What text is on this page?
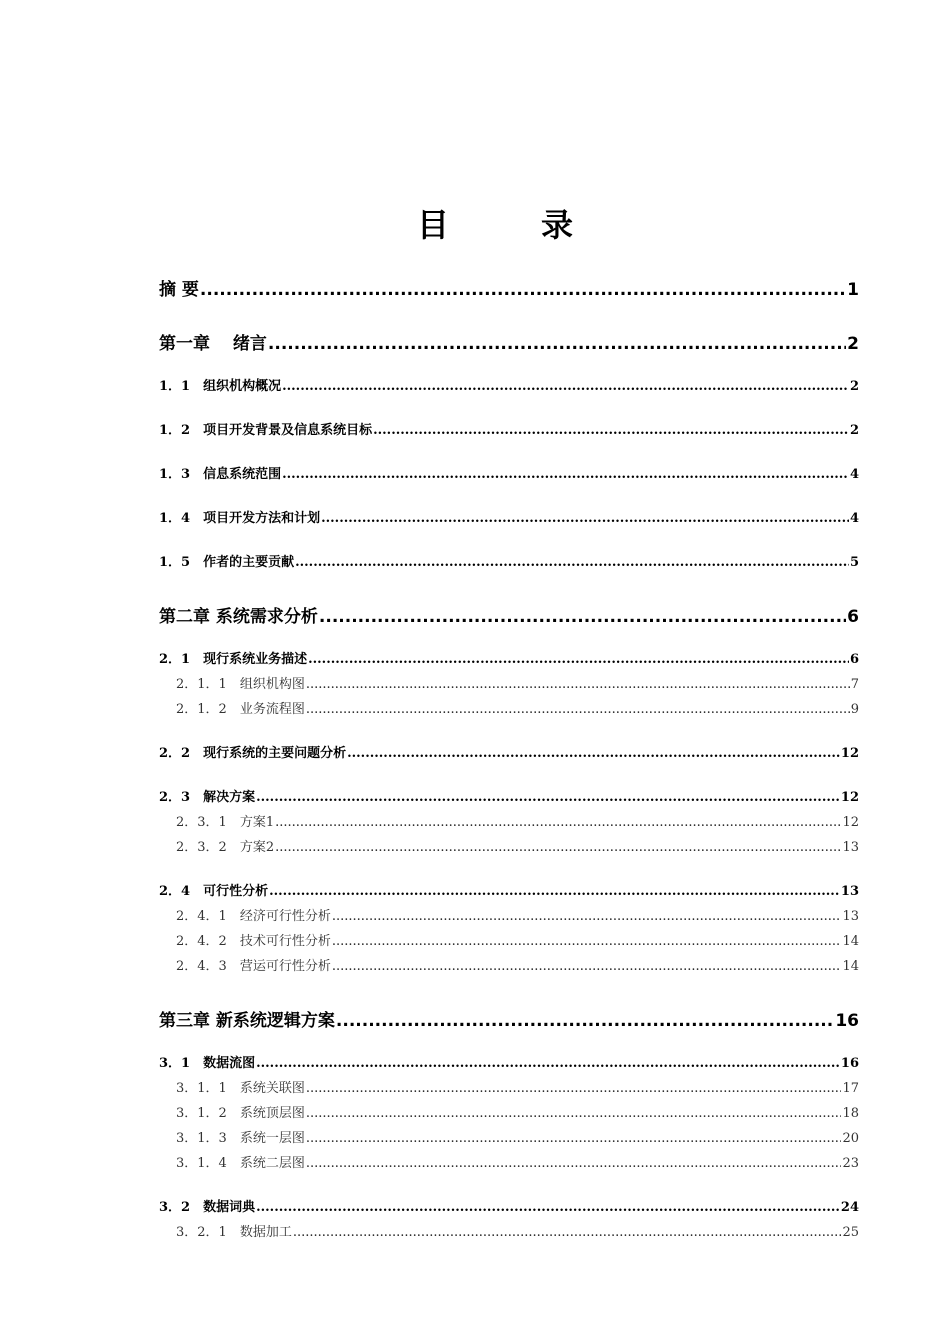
目　录
摘 要 .....	1
第一章　 绪言 .....	2
1．1　组织机构概况 .....	2
1．2　项目开发背景及信息系统目标 .....	2
1．3　信息系统范围 .....	4
1．4　项目开发方法和计划 .....	4
1．5　作者的主要贡献 .....	5
第二章 系统需求分析 .....	6
2．1　现行系统业务描述 .....	6
2．1．1　组织机构图 .....	7
2．1．2　业务流程图 .....	9
2．2　现行系统的主要问题分析 .....	12
2．3　解决方案 .....	12
2．3．1　方案1 .....	12
2．3．2　方案2 .....	13
2．4　可行性分析 .....	13
2．4．1　经济可行性分析 .....	13
2．4．2　技术可行性分析 .....	14
2．4．3　营运可行性分析 .....	14
第三章 新系统逻辑方案 .....	16
3．1　数据流图 .....	16
3．1．1　系统关联图 .....	17
3．1．2　系统顶层图 .....	18
3．1．3　系统一层图 .....	20
3．1．4　系统二层图 .....	23
3．2　数据词典 .....	24
3．2．1　数据加工 .....	25
